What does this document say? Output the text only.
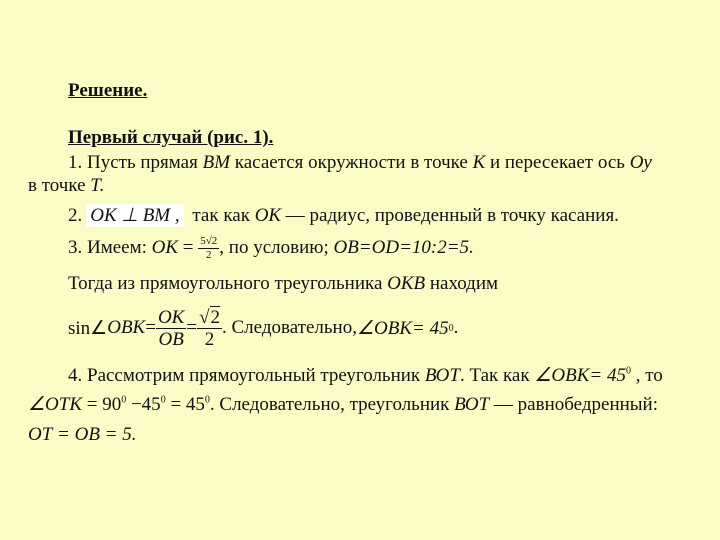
Решение.
Первый случай (рис. 1).
1. Пусть прямая ВМ касается окружности в точке К и пересекает ось Оу
в точке Т.
2. OK ⊥ BM , так как ОК — радиус, проведенный в точку касания.
3. Имеем: ОК = $\frac{5√2}{2}$ , по условию; ОВ=ОD=10:2=5.
Тогда из прямоугольного треугольника ОКВ находим
sin∠ OBK = $\frac{OK}{OB} = \frac{√2}{2}$ . Следовательно, ∠OBK= 45 0 .
4. Рассмотрим прямоугольный треугольник ВОТ. Так как ∠OBK= $45^0$ , то
∠OTK = $90^0 -45^0 = 45^0$. Следовательно, треугольник ВОТ — равнобедренный:
ОТ = ОВ = 5.
